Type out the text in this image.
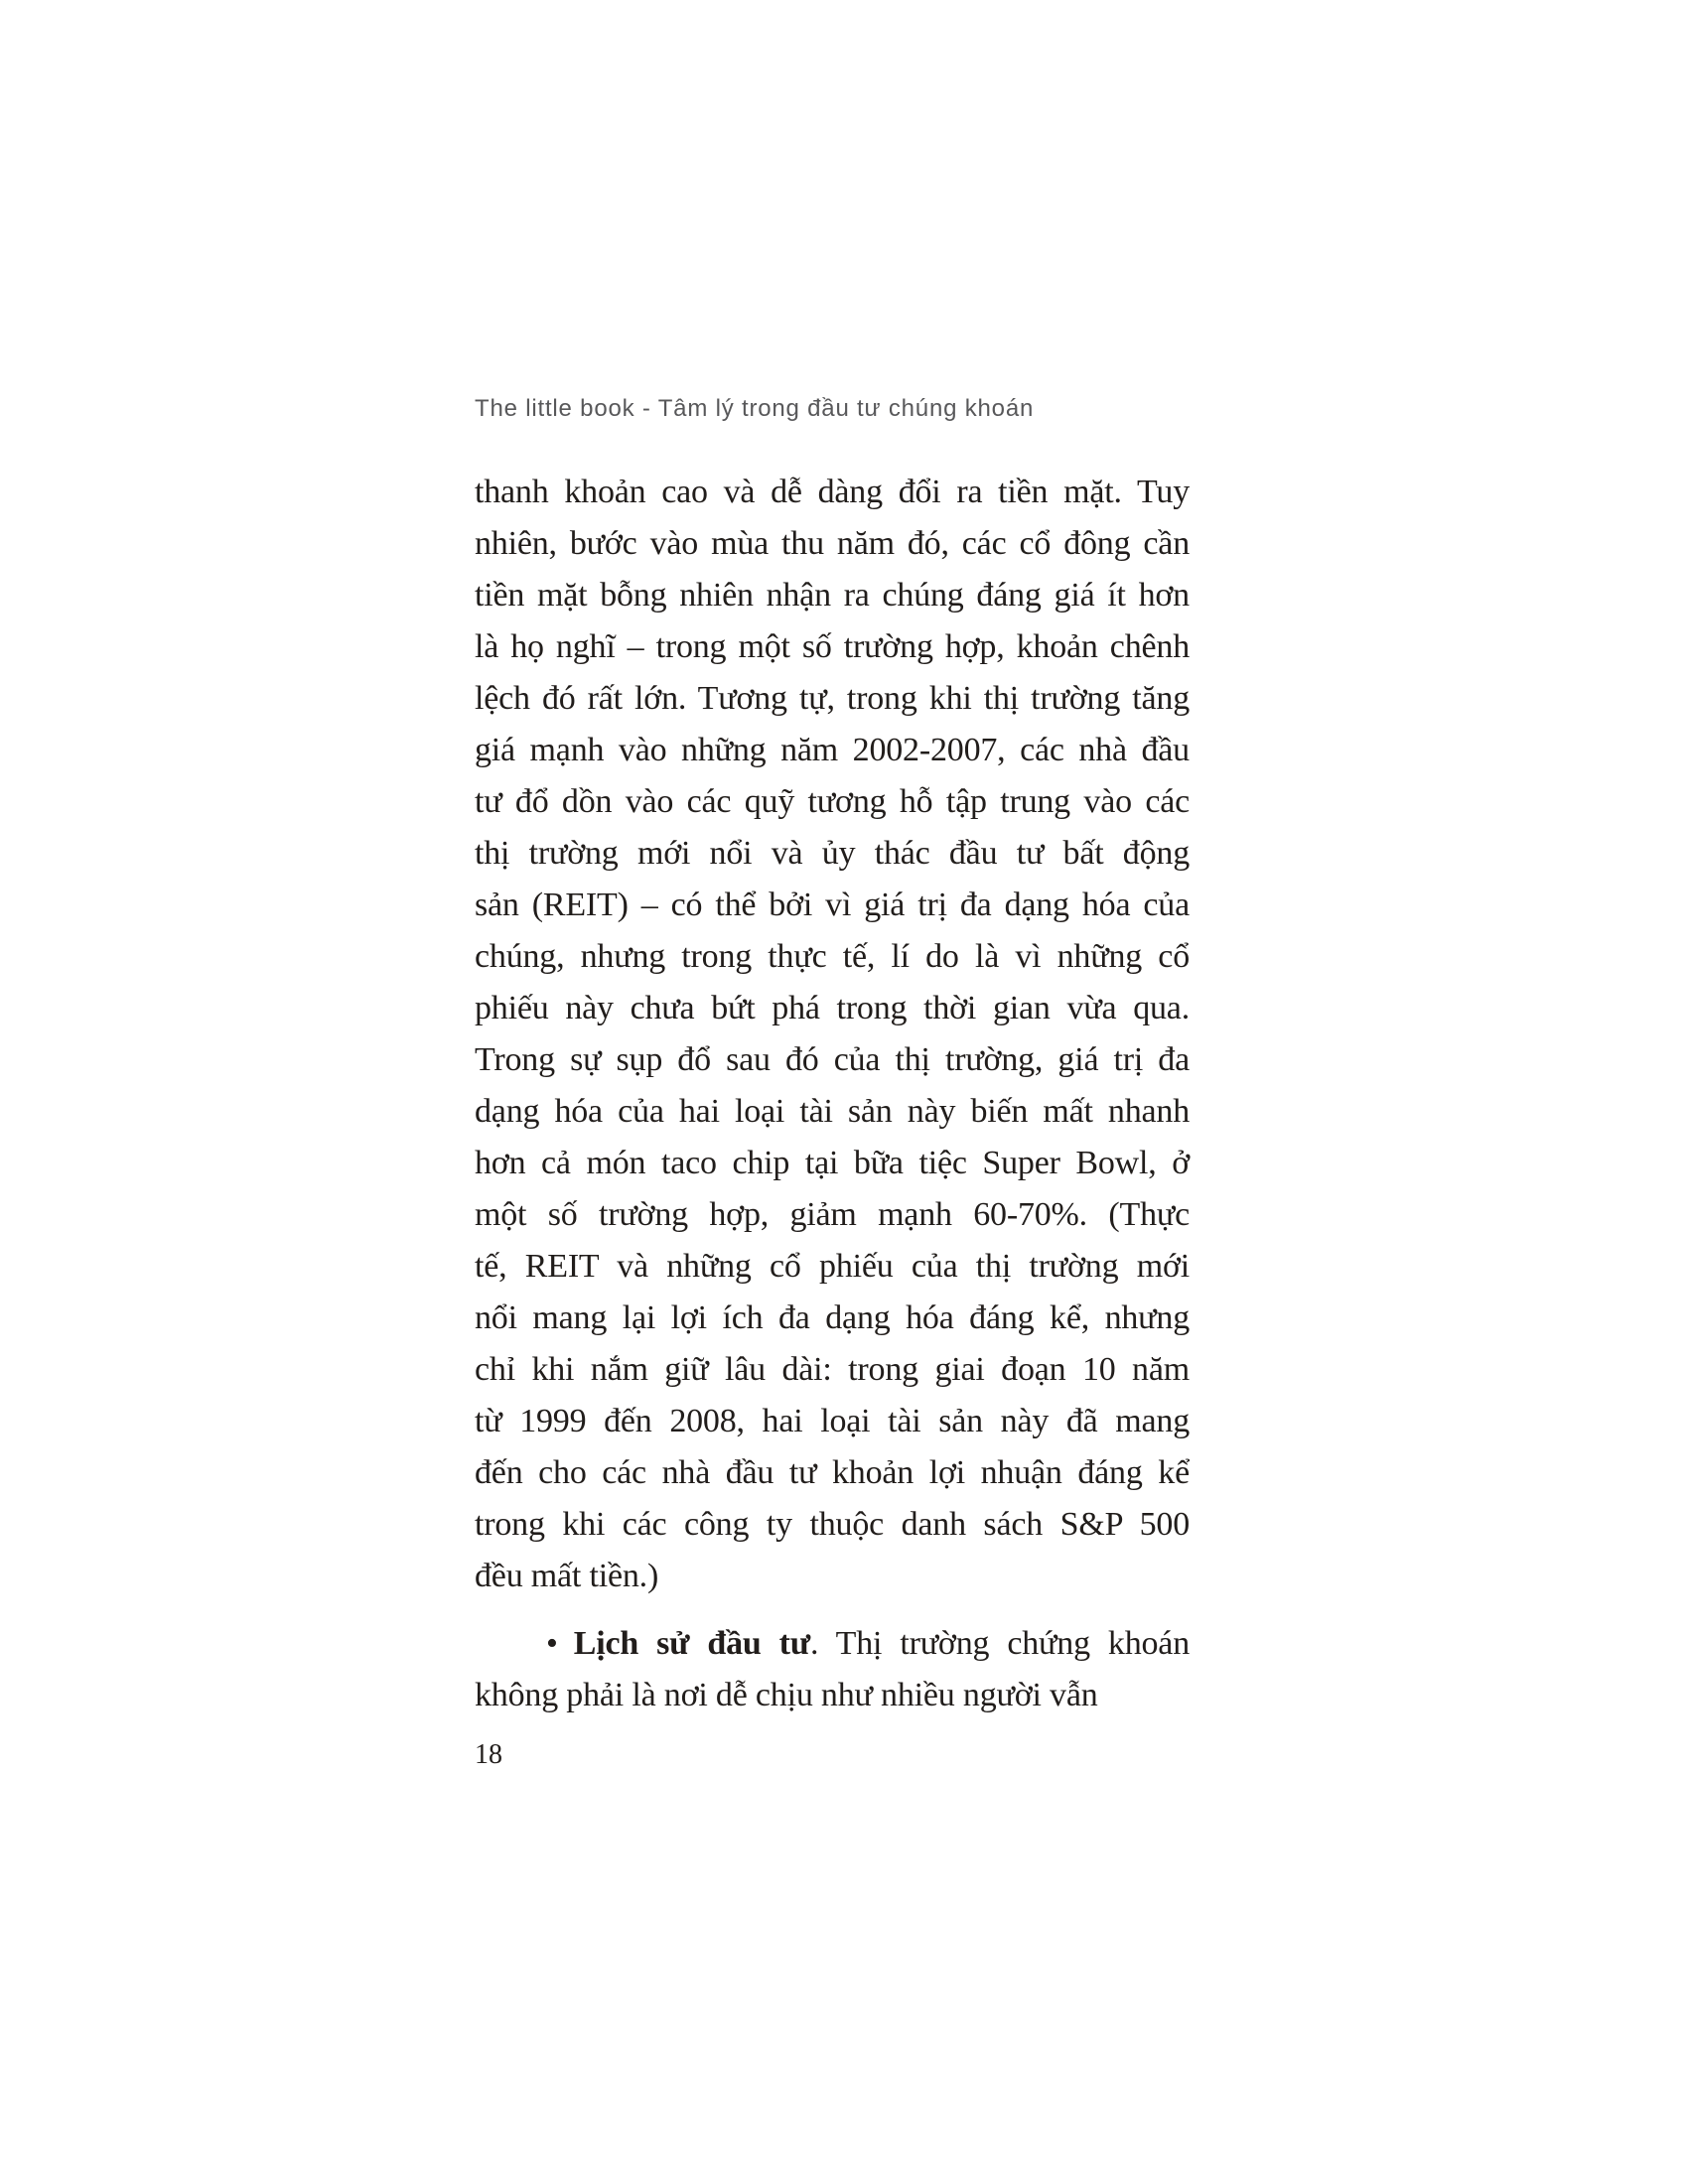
The little book - Tâm lý trong đầu tư chúng khoán
thanh khoản cao và dễ dàng đổi ra tiền mặt. Tuy
nhiên, bước vào mùa thu năm đó, các cổ đông cần
tiền mặt bỗng nhiên nhận ra chúng đáng giá ít hơn
là họ nghĩ – trong một số trường hợp, khoản chênh
lệch đó rất lớn. Tương tự, trong khi thị trường tăng
giá mạnh vào những năm 2002-2007, các nhà đầu
tư đổ dồn vào các quỹ tương hỗ tập trung vào các
thị trường mới nổi và ủy thác đầu tư bất động
sản (REIT) – có thể bởi vì giá trị đa dạng hóa của
chúng, nhưng trong thực tế, lí do là vì những cổ
phiếu này chưa bứt phá trong thời gian vừa qua.
Trong sự sụp đổ sau đó của thị trường, giá trị đa
dạng hóa của hai loại tài sản này biến mất nhanh
hơn cả món taco chip tại bữa tiệc Super Bowl, ở
một số trường hợp, giảm mạnh 60-70%. (Thực
tế, REIT và những cổ phiếu của thị trường mới
nổi mang lại lợi ích đa dạng hóa đáng kể, nhưng
chỉ khi nắm giữ lâu dài: trong giai đoạn 10 năm
từ 1999 đến 2008, hai loại tài sản này đã mang
đến cho các nhà đầu tư khoản lợi nhuận đáng kể
trong khi các công ty thuộc danh sách S&P 500
đều mất tiền.)
• Lịch sử đầu tư. Thị trường chứng khoán
không phải là nơi dễ chịu như nhiều người vẫn
18
